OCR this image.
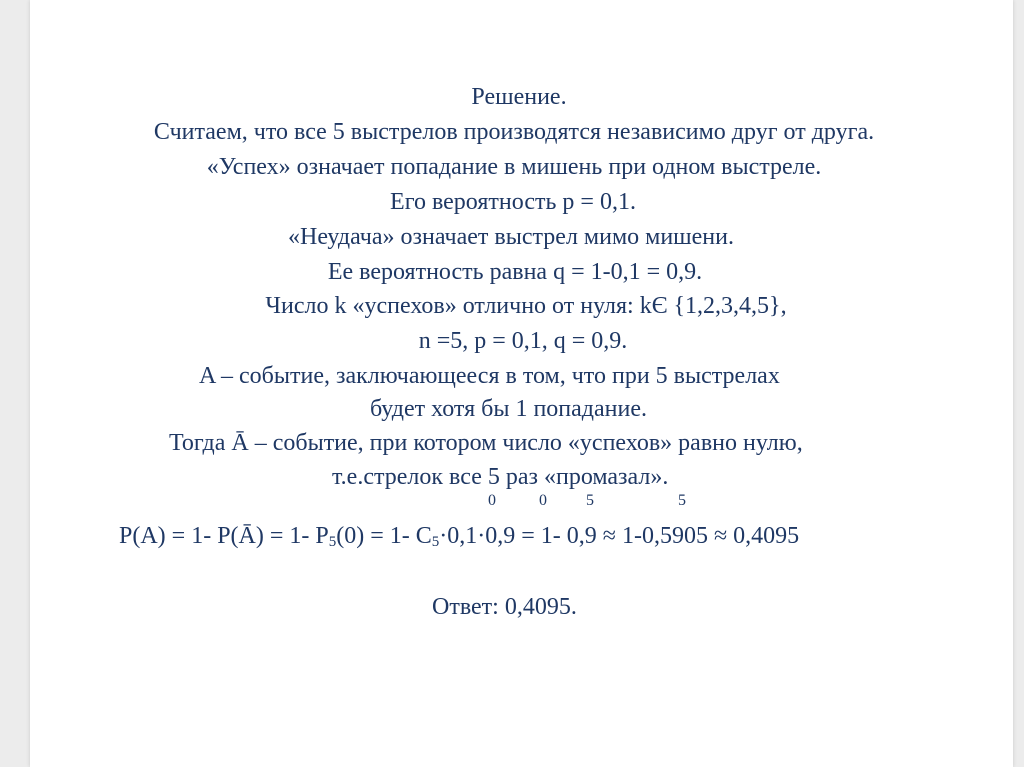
Решение.
Считаем, что все 5 выстрелов производятся независимо друг от друга.
«Успех» означает попадание в мишень при одном выстреле.
Его вероятность p = 0,1.
«Неудача» означает выстрел мимо мишени.
Ее вероятность равна q = 1-0,1 = 0,9.
Число k «успехов» отлично от нуля: kЄ {1,2,3,4,5},
n =5, p = 0,1, q = 0,9.
A – событие, заключающееся в том, что при 5 выстрелах
будет хотя бы 1 попадание.
Тогда Ā – событие, при котором число «успехов» равно нулю,
т.е.стрелок все 5 раз «промазал».
0	0 5	5
P(A) = 1- P(Ā) = 1- P5(0) = 1- C5·0,1·0,9 = 1- 0,9 ≈ 1-0,5905 ≈ 0,4095
Ответ: 0,4095.
